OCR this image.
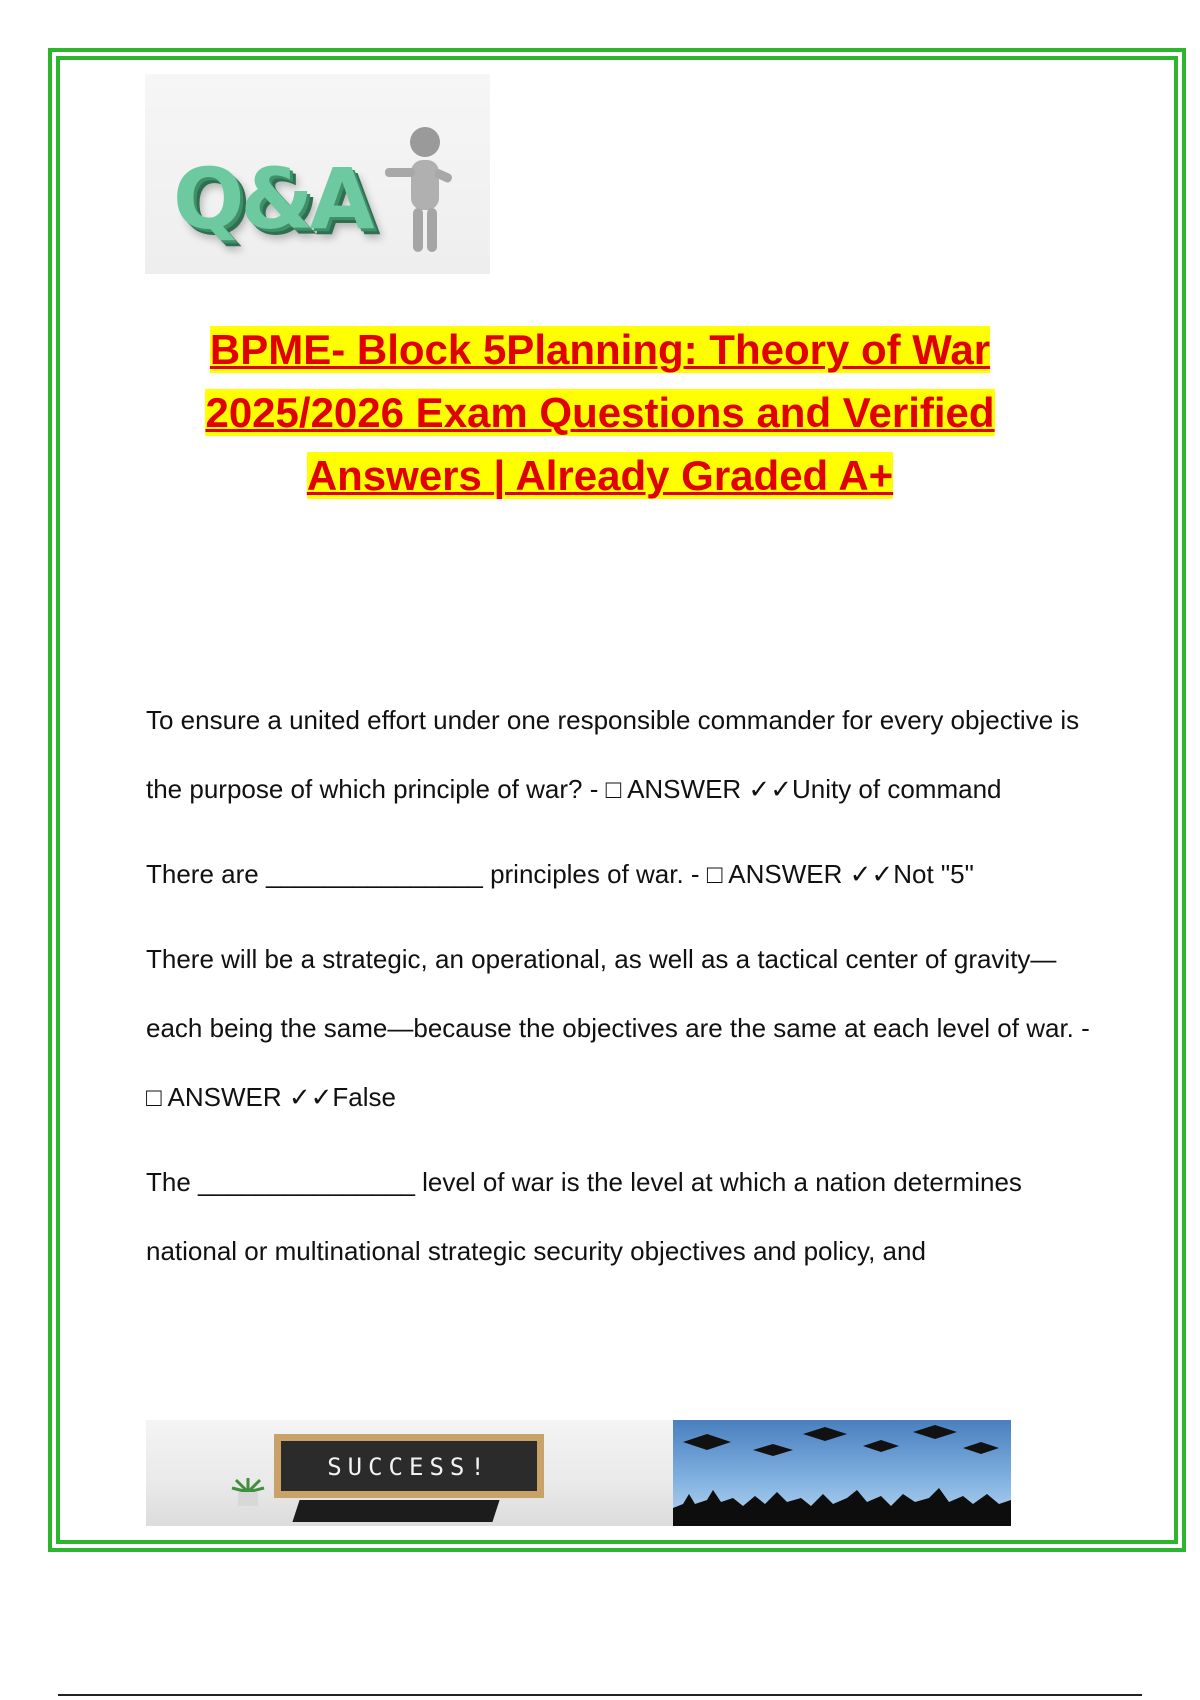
Q&A
BPME- Block 5Planning: Theory of War
2025/2026 Exam Questions and Verified
Answers | Already Graded A+

To ensure a united effort under one responsible commander for every objective is the purpose of which principle of war? - □ ANSWER ✓✓Unity of command

There are _______________ principles of war. - □ ANSWER ✓✓Not "5"

There will be a strategic, an operational, as well as a tactical center of gravity—each being the same—because the objectives are the same at each level of war. - □ ANSWER ✓✓False

The _______________ level of war is the level at which a nation determines national or multinational strategic security objectives and policy, and

SUCCESS!
